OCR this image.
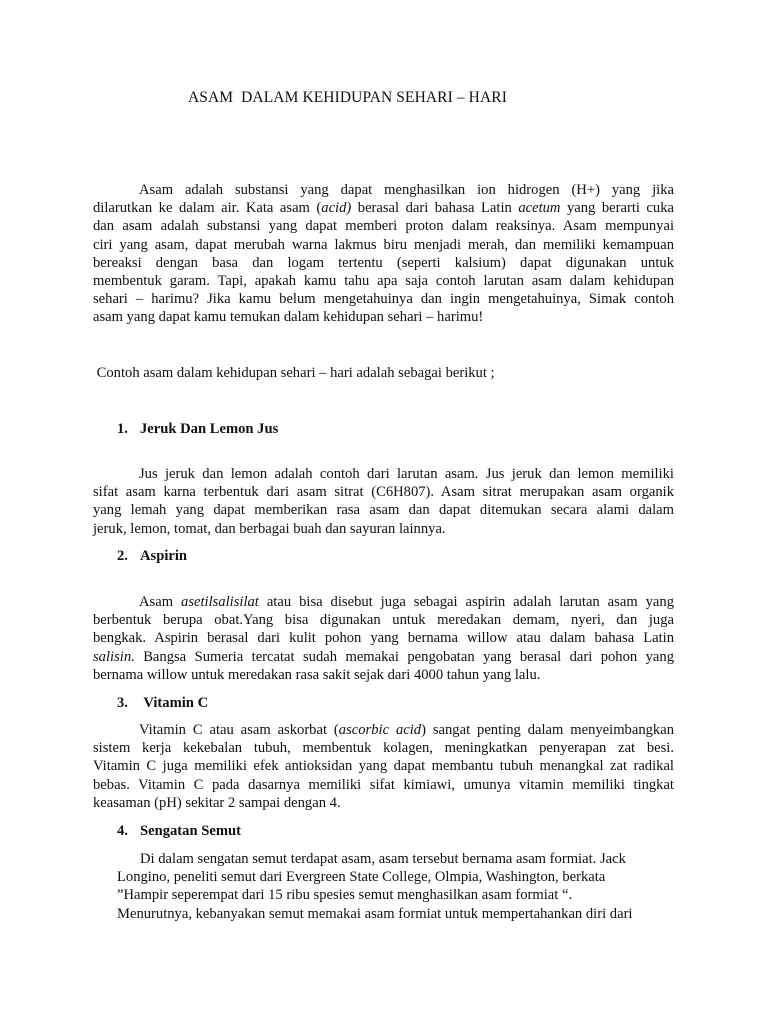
ASAM  DALAM KEHIDUPAN SEHARI – HARI
Asam adalah substansi yang dapat menghasilkan ion hidrogen (H+) yang jika
dilarutkan ke dalam air. Kata asam (acid) berasal dari bahasa Latin acetum yang berarti cuka
dan asam adalah substansi yang dapat memberi proton dalam reaksinya. Asam mempunyai
ciri yang asam, dapat merubah warna lakmus biru menjadi merah, dan memiliki kemampuan
bereaksi dengan basa dan logam tertentu (seperti kalsium) dapat digunakan untuk
membentuk garam. Tapi, apakah kamu tahu apa saja contoh larutan asam dalam kehidupan
sehari – harimu? Jika kamu belum mengetahuinya dan ingin mengetahuinya, Simak contoh
asam yang dapat kamu temukan dalam kehidupan sehari – harimu!
Contoh asam dalam kehidupan sehari – hari adalah sebagai berikut ;
1. Jeruk Dan Lemon Jus
Jus jeruk dan lemon adalah contoh dari larutan asam. Jus jeruk dan lemon memiliki
sifat asam karna terbentuk dari asam sitrat (C6H807). Asam sitrat merupakan asam organik
yang lemah yang dapat memberikan rasa asam dan dapat ditemukan secara alami dalam
jeruk, lemon, tomat, dan berbagai buah dan sayuran lainnya.
2. Aspirin
Asam asetilsalisilat atau bisa disebut juga sebagai aspirin adalah larutan asam yang
berbentuk berupa obat.Yang bisa digunakan untuk meredakan demam, nyeri, dan juga
bengkak. Aspirin berasal dari kulit pohon yang bernama willow atau dalam bahasa Latin
salisin. Bangsa Sumeria tercatat sudah memakai pengobatan yang berasal dari pohon yang
bernama willow untuk meredakan rasa sakit sejak dari 4000 tahun yang lalu.
3. Vitamin C
Vitamin C atau asam askorbat (ascorbic acid) sangat penting dalam menyeimbangkan
sistem kerja kekebalan tubuh, membentuk kolagen, meningkatkan penyerapan zat besi.
Vitamin C juga memiliki efek antioksidan yang dapat membantu tubuh menangkal zat radikal
bebas. Vitamin C pada dasarnya memiliki sifat kimiawi, umunya vitamin memiliki tingkat
keasaman (pH) sekitar 2 sampai dengan 4.
4. Sengatan Semut
Di dalam sengatan semut terdapat asam, asam tersebut bernama asam formiat. Jack
Longino, peneliti semut dari Evergreen State College, Olmpia, Washington, berkata
”Hampir seperempat dari 15 ribu spesies semut menghasilkan asam formiat “.
Menurutnya, kebanyakan semut memakai asam formiat untuk mempertahankan diri dari
